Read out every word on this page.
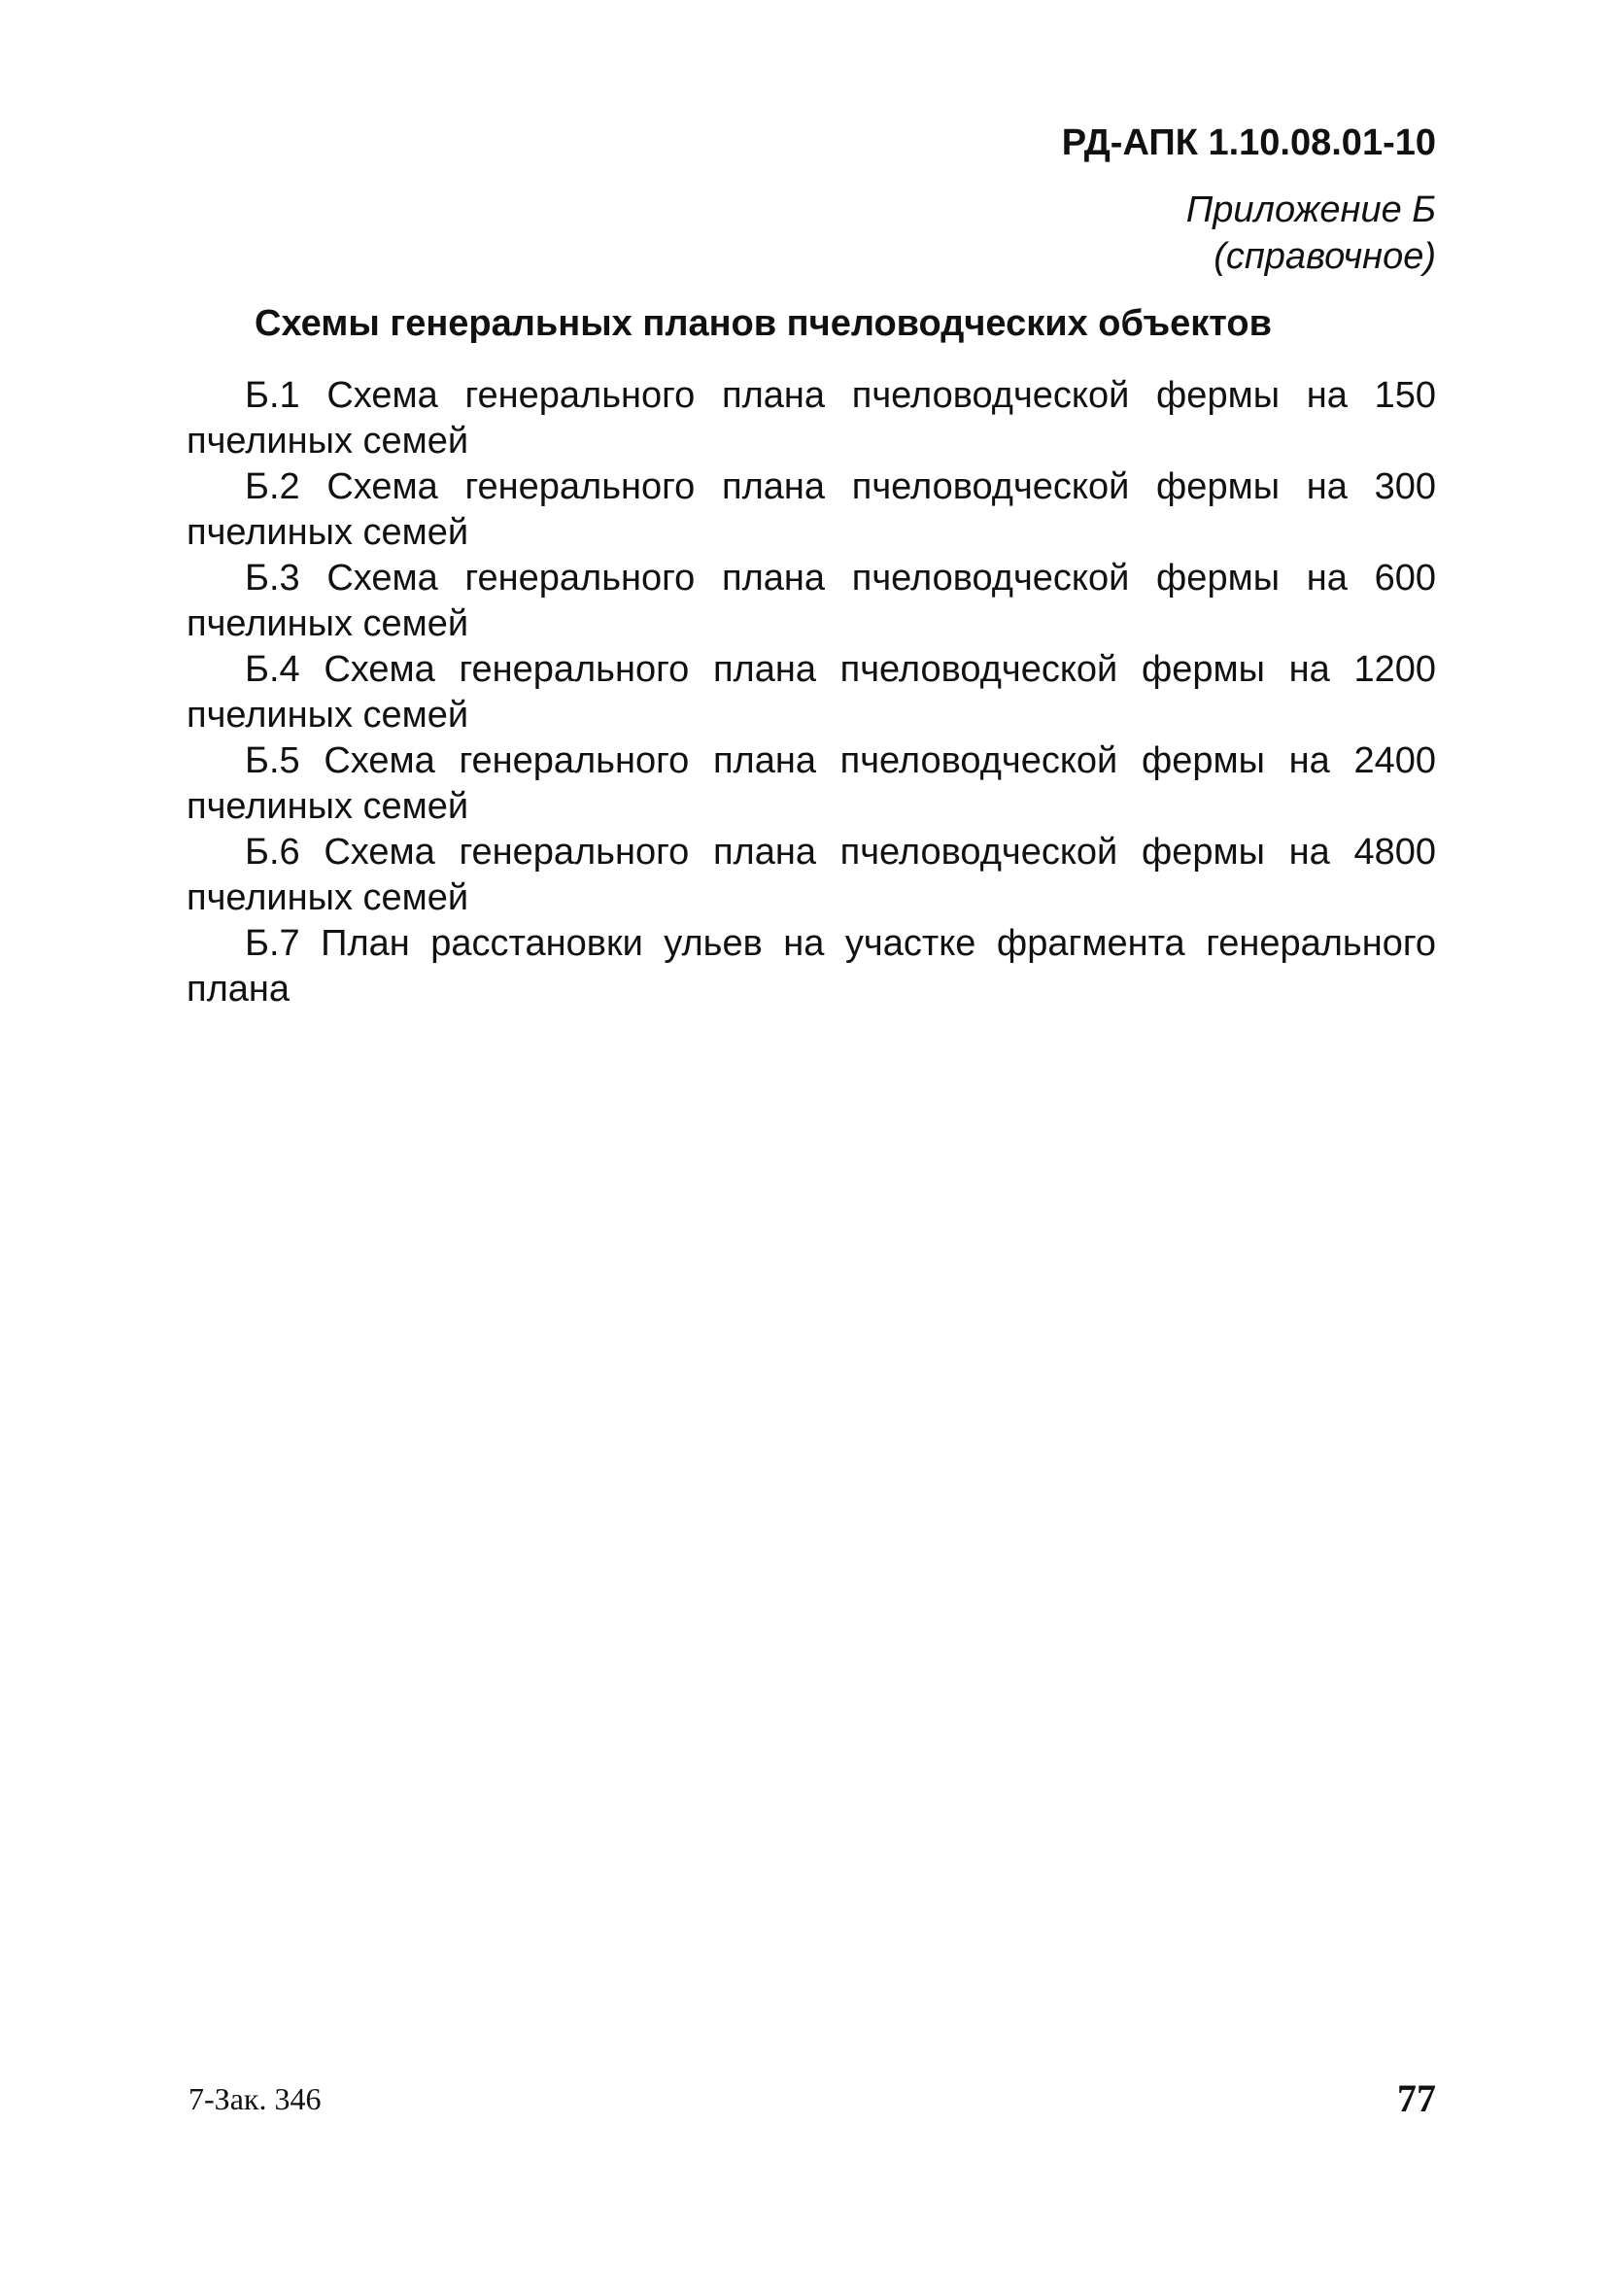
РД-АПК 1.10.08.01-10
Приложение Б
(справочное)
Схемы генеральных планов пчеловодческих объектов

Б.1 Схема генерального плана пчеловодческой фермы на 150 пчелиных семей

Б.2 Схема генерального плана пчеловодческой фермы на 300 пчелиных семей

Б.3 Схема генерального плана пчеловодческой фермы на 600 пчелиных семей

Б.4 Схема генерального плана пчеловодческой фермы на 1200 пчелиных семей

Б.5 Схема генерального плана пчеловодческой фермы на 2400 пчелиных семей

Б.6 Схема генерального плана пчеловодческой фермы на 4800 пчелиных семей

Б.7 План расстановки ульев на участке фрагмента генерального плана

7-Зак. 346	77
